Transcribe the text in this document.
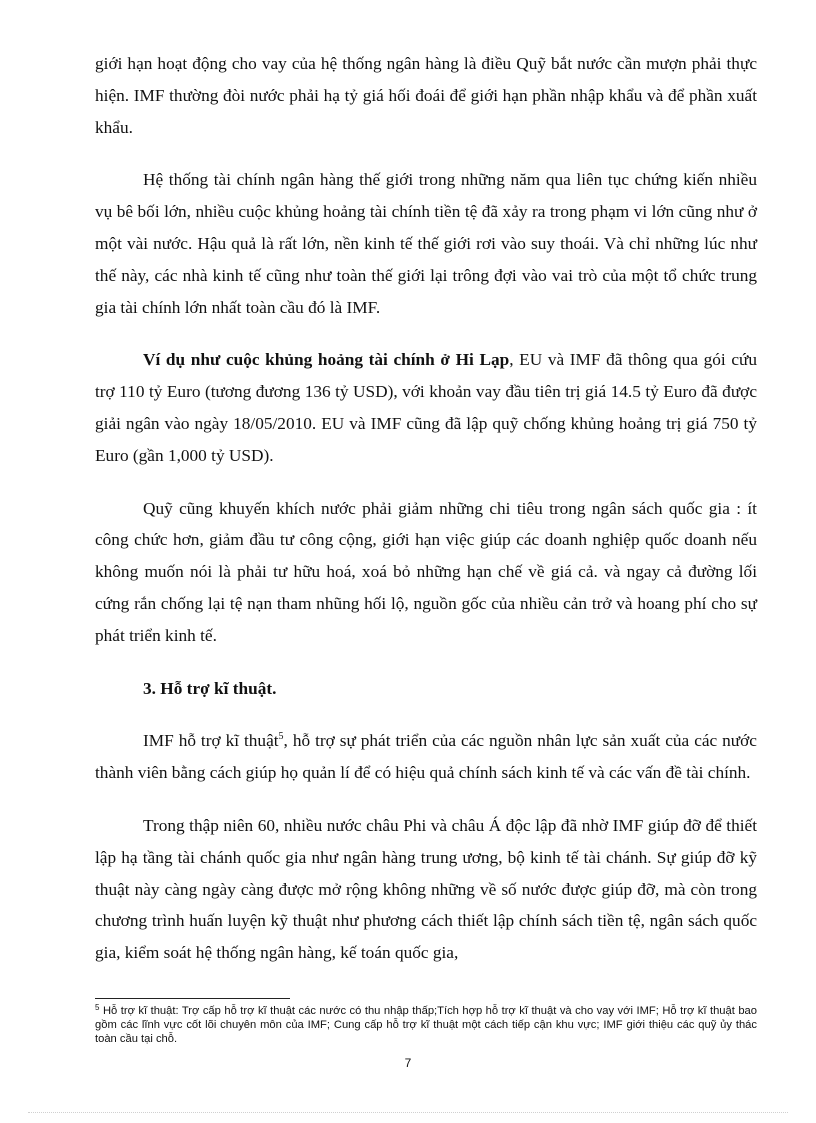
giới hạn hoạt động cho vay của hệ thống ngân hàng là điều Quỹ bắt nước cần mượn phải thực hiện. IMF thường đòi nước phải hạ tỷ giá hối đoái để giới hạn phần nhập khẩu và để phần xuất khẩu.

Hệ thống tài chính ngân hàng thế giới trong những năm qua liên tục chứng kiến nhiều vụ bê bối lớn, nhiều cuộc khủng hoảng tài chính tiền tệ đã xảy ra trong phạm vi lớn cũng như ở một vài nước. Hậu quả là rất lớn, nền kinh tế thế giới rơi vào suy thoái. Và chỉ những lúc như thế này, các nhà kinh tế cũng như toàn thế giới lại trông đợi vào vai trò của một tổ chức trung gia tài chính lớn nhất toàn cầu đó là IMF.

Ví dụ như cuộc khủng hoảng tài chính ở Hi Lạp, EU và IMF đã thông qua gói cứu trợ 110 tỷ Euro (tương đương 136 tỷ USD), với khoản vay đầu tiên trị giá 14.5 tỷ Euro đã được giải ngân vào ngày 18/05/2010. EU và IMF cũng đã lập quỹ chống khủng hoảng trị giá 750 tỷ Euro (gần 1,000 tỷ USD).

Quỹ cũng khuyến khích nước phải giảm những chi tiêu trong ngân sách quốc gia : ít công chức hơn, giảm đầu tư công cộng, giới hạn việc giúp các doanh nghiệp quốc doanh nếu không muốn nói là phải tư hữu hoá, xoá bỏ những hạn chế về giá cả. và ngay cả đường lối cứng rắn chống lại tệ nạn tham nhũng hối lộ, nguồn gốc của nhiều cản trở và hoang phí cho sự phát triển kinh tế.

3. Hỗ trợ kĩ thuật.

IMF hỗ trợ kĩ thuật$^5$, hỗ trợ sự phát triển của các nguồn nhân lực sản xuất của các nước thành viên bằng cách giúp họ quản lí để có hiệu quả chính sách kinh tế và các vấn đề tài chính.

Trong thập niên 60, nhiều nước châu Phi và châu Á độc lập đã nhờ IMF giúp đỡ để thiết lập hạ tầng tài chánh quốc gia như ngân hàng trung ương, bộ kinh tế tài chánh. Sự giúp đỡ kỹ thuật này càng ngày càng được mở rộng không những về số nước được giúp đỡ, mà còn trong chương trình huấn luyện kỹ thuật như phương cách thiết lập chính sách tiền tệ, ngân sách quốc gia, kiểm soát hệ thống ngân hàng, kế toán quốc gia,

$^5$ Hỗ trợ kĩ thuật: Trợ cấp hỗ trợ kĩ thuật các nước có thu nhập thấp;Tích hợp hỗ trợ kĩ thuật và cho vay với IMF; Hỗ trợ kĩ thuật bao gồm các lĩnh vực cốt lõi chuyên môn của IMF; Cung cấp hỗ trợ kĩ thuật một cách tiếp cận khu vực; IMF giới thiệu các quỹ ủy thác toàn cầu tại chỗ.

7
